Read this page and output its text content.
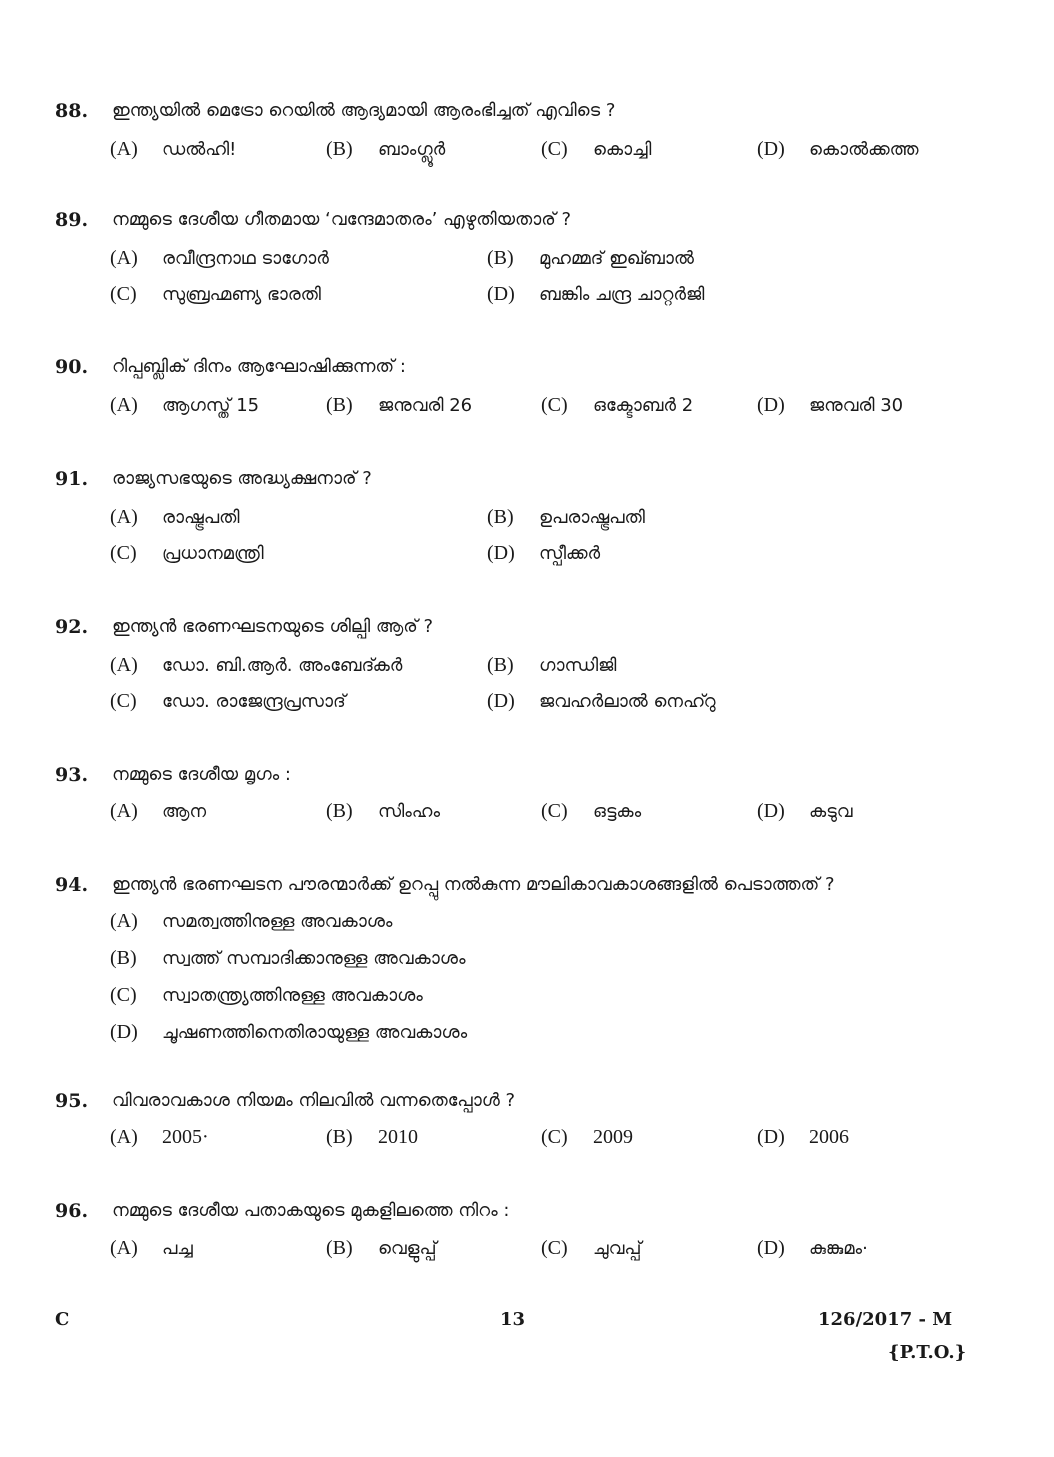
88. ഇന്ത്യയിൽ മെട്രോ റെയിൽ ആദ്യമായി ആരംഭിച്ചത് എവിടെ ?
(A) ഡൽഹി!	(B) ബാംഗ്ലൂർ	(C) കൊച്ചി	(D) കൊൽക്കത്ത
89. നമ്മുടെ ദേശീയ ഗീതമായ ‘വന്ദേമാതരം’ എഴുതിയതാര് ?
(A) രവീന്ദ്രനാഥ ടാഗോർ	(B) മുഹമ്മദ് ഇഖ്ബാൽ
(C) സുബ്രഹ്മണ്യ ഭാരതി	(D) ബങ്കിം ചന്ദ്ര ചാറ്റർജി
90. റിപ്പബ്ലിക് ദിനം ആഘോഷിക്കുന്നത് :
(A) ആഗസ്ത് 15	(B) ജനുവരി 26	(C) ഒക്ടോബർ 2	(D) ജനുവരി 30
91. രാജ്യസഭയുടെ അദ്ധ്യക്ഷനാര് ?
(A) രാഷ്ട്രപതി	(B) ഉപരാഷ്ട്രപതി
(C) പ്രധാനമന്ത്രി	(D) സ്പീക്കർ
92. ഇന്ത്യൻ ഭരണഘടനയുടെ ശില്പി ആര് ?
(A) ഡോ. ബി.ആർ. അംബേദ്കർ	(B) ഗാന്ധിജി
(C) ഡോ. രാജേന്ദ്രപ്രസാദ്	(D) ജവഹർലാൽ നെഹ്റു
93. നമ്മുടെ ദേശീയ മൃഗം :
(A) ആന	(B) സിംഹം	(C) ഒട്ടകം	(D) കടുവ
94. ഇന്ത്യൻ ഭരണഘടന പൗരന്മാർക്ക് ഉറപ്പു നൽകുന്ന മൗലികാവകാശങ്ങളിൽ പെടാത്തത് ?
(A) സമത്വത്തിനുള്ള അവകാശം
(B) സ്വത്ത് സമ്പാദിക്കാനുള്ള അവകാശം
(C) സ്വാതന്ത്ര്യത്തിനുള്ള അവകാശം
(D) ചൂഷണത്തിനെതിരായുള്ള അവകാശം
95. വിവരാവകാശ നിയമം നിലവിൽ വന്നതെപ്പോൾ ?
(A) 2005·	(B) 2010	(C) 2009	(D) 2006
96. നമ്മുടെ ദേശീയ പതാകയുടെ മുകളിലത്തെ നിറം :
(A) പച്ച	(B) വെളുപ്പ്	(C) ചുവപ്പ്	(D) കുങ്കുമം·
C	13	126/2017 - M
{P.T.O.}
